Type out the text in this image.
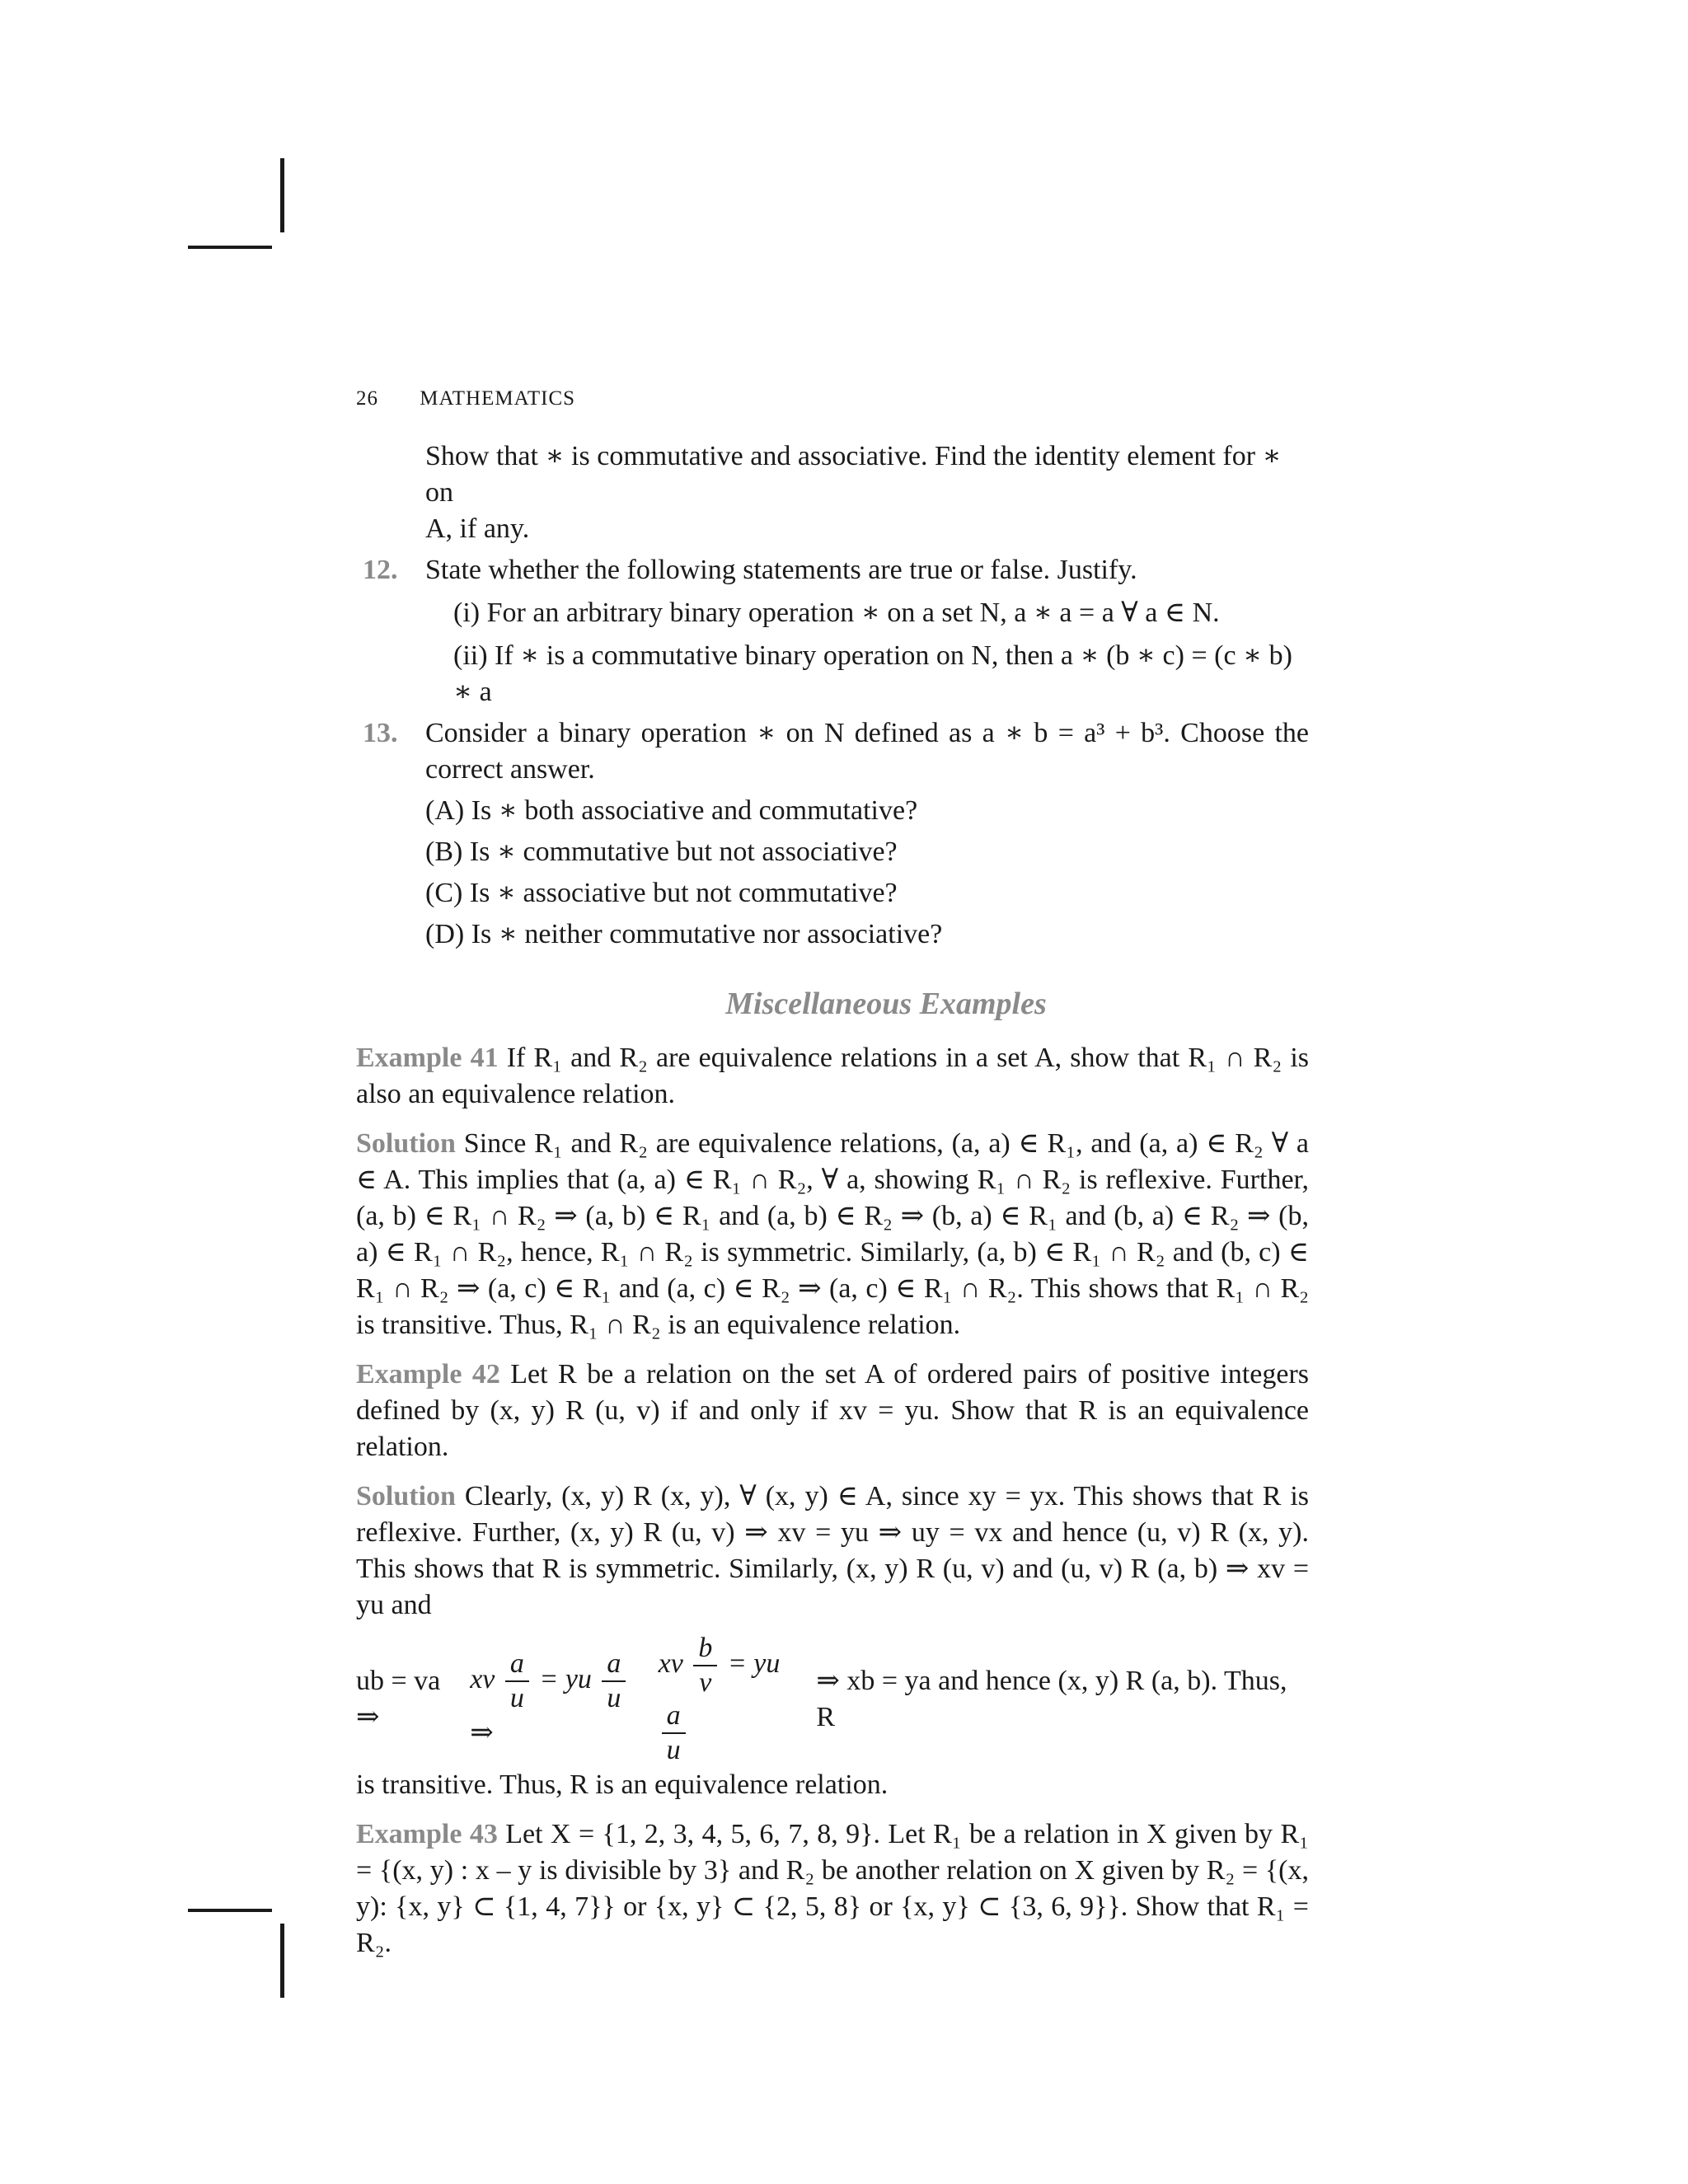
26 MATHEMATICS
Show that ∗ is commutative and associative. Find the identity element for ∗ on
A, if any.
12. State whether the following statements are true or false. Justify.
(i) For an arbitrary binary operation ∗ on a set N, a ∗ a = a ∀ a ∈ N.
(ii) If ∗ is a commutative binary operation on N, then a ∗ (b ∗ c) = (c ∗ b) ∗ a
13. Consider a binary operation ∗ on N defined as a ∗ b = a³ + b³. Choose the correct answer.
(A) Is ∗ both associative and commutative?
(B) Is ∗ commutative but not associative?
(C) Is ∗ associative but not commutative?
(D) Is ∗ neither commutative nor associative?
Miscellaneous Examples
Example 41 If R₁ and R₂ are equivalence relations in a set A, show that R₁ ∩ R₂ is also an equivalence relation.
Solution Since R₁ and R₂ are equivalence relations, (a, a) ∈ R₁, and (a, a) ∈ R₂ ∀ a ∈ A. This implies that (a, a) ∈ R₁ ∩ R₂, ∀ a, showing R₁ ∩ R₂ is reflexive. Further, (a, b) ∈ R₁ ∩ R₂ ⇒ (a, b) ∈ R₁ and (a, b) ∈ R₂ ⇒ (b, a) ∈ R₁ and (b, a) ∈ R₂ ⇒ (b, a) ∈ R₁ ∩ R₂, hence, R₁ ∩ R₂ is symmetric. Similarly, (a, b) ∈ R₁ ∩ R₂ and (b, c) ∈ R₁ ∩ R₂ ⇒ (a, c) ∈ R₁ and (a, c) ∈ R₂ ⇒ (a, c) ∈ R₁ ∩ R₂. This shows that R₁ ∩ R₂ is transitive. Thus, R₁ ∩ R₂ is an equivalence relation.
Example 42 Let R be a relation on the set A of ordered pairs of positive integers defined by (x, y) R (u, v) if and only if xv = yu. Show that R is an equivalence relation.
Solution Clearly, (x, y) R (x, y), ∀ (x, y) ∈ A, since xy = yx. This shows that R is reflexive. Further, (x, y) R (u, v) ⇒ xv = yu ⇒ uy = vx and hence (u, v) R (x, y). This shows that R is symmetric. Similarly, (x, y) R (u, v) and (u, v) R (a, b) ⇒ xv = yu and
ub = va ⇒
xv $\frac{a}{u}$ = yu $\frac{a}{u}$
⇒
xv $\frac{b}{v}$ = yu
$\frac{a}{u}$
⇒ xb = ya and hence (x, y) R (a, b). Thus, R
is transitive. Thus, R is an equivalence relation.
Example 43 Let X = {1, 2, 3, 4, 5, 6, 7, 8, 9}. Let R₁ be a relation in X given by R₁ = {(x, y) : x – y is divisible by 3} and R₂ be another relation on X given by R₂ = {(x, y): {x, y} ⊂ {1, 4, 7}} or {x, y} ⊂ {2, 5, 8} or {x, y} ⊂ {3, 6, 9}}. Show that R₁ = R₂.
